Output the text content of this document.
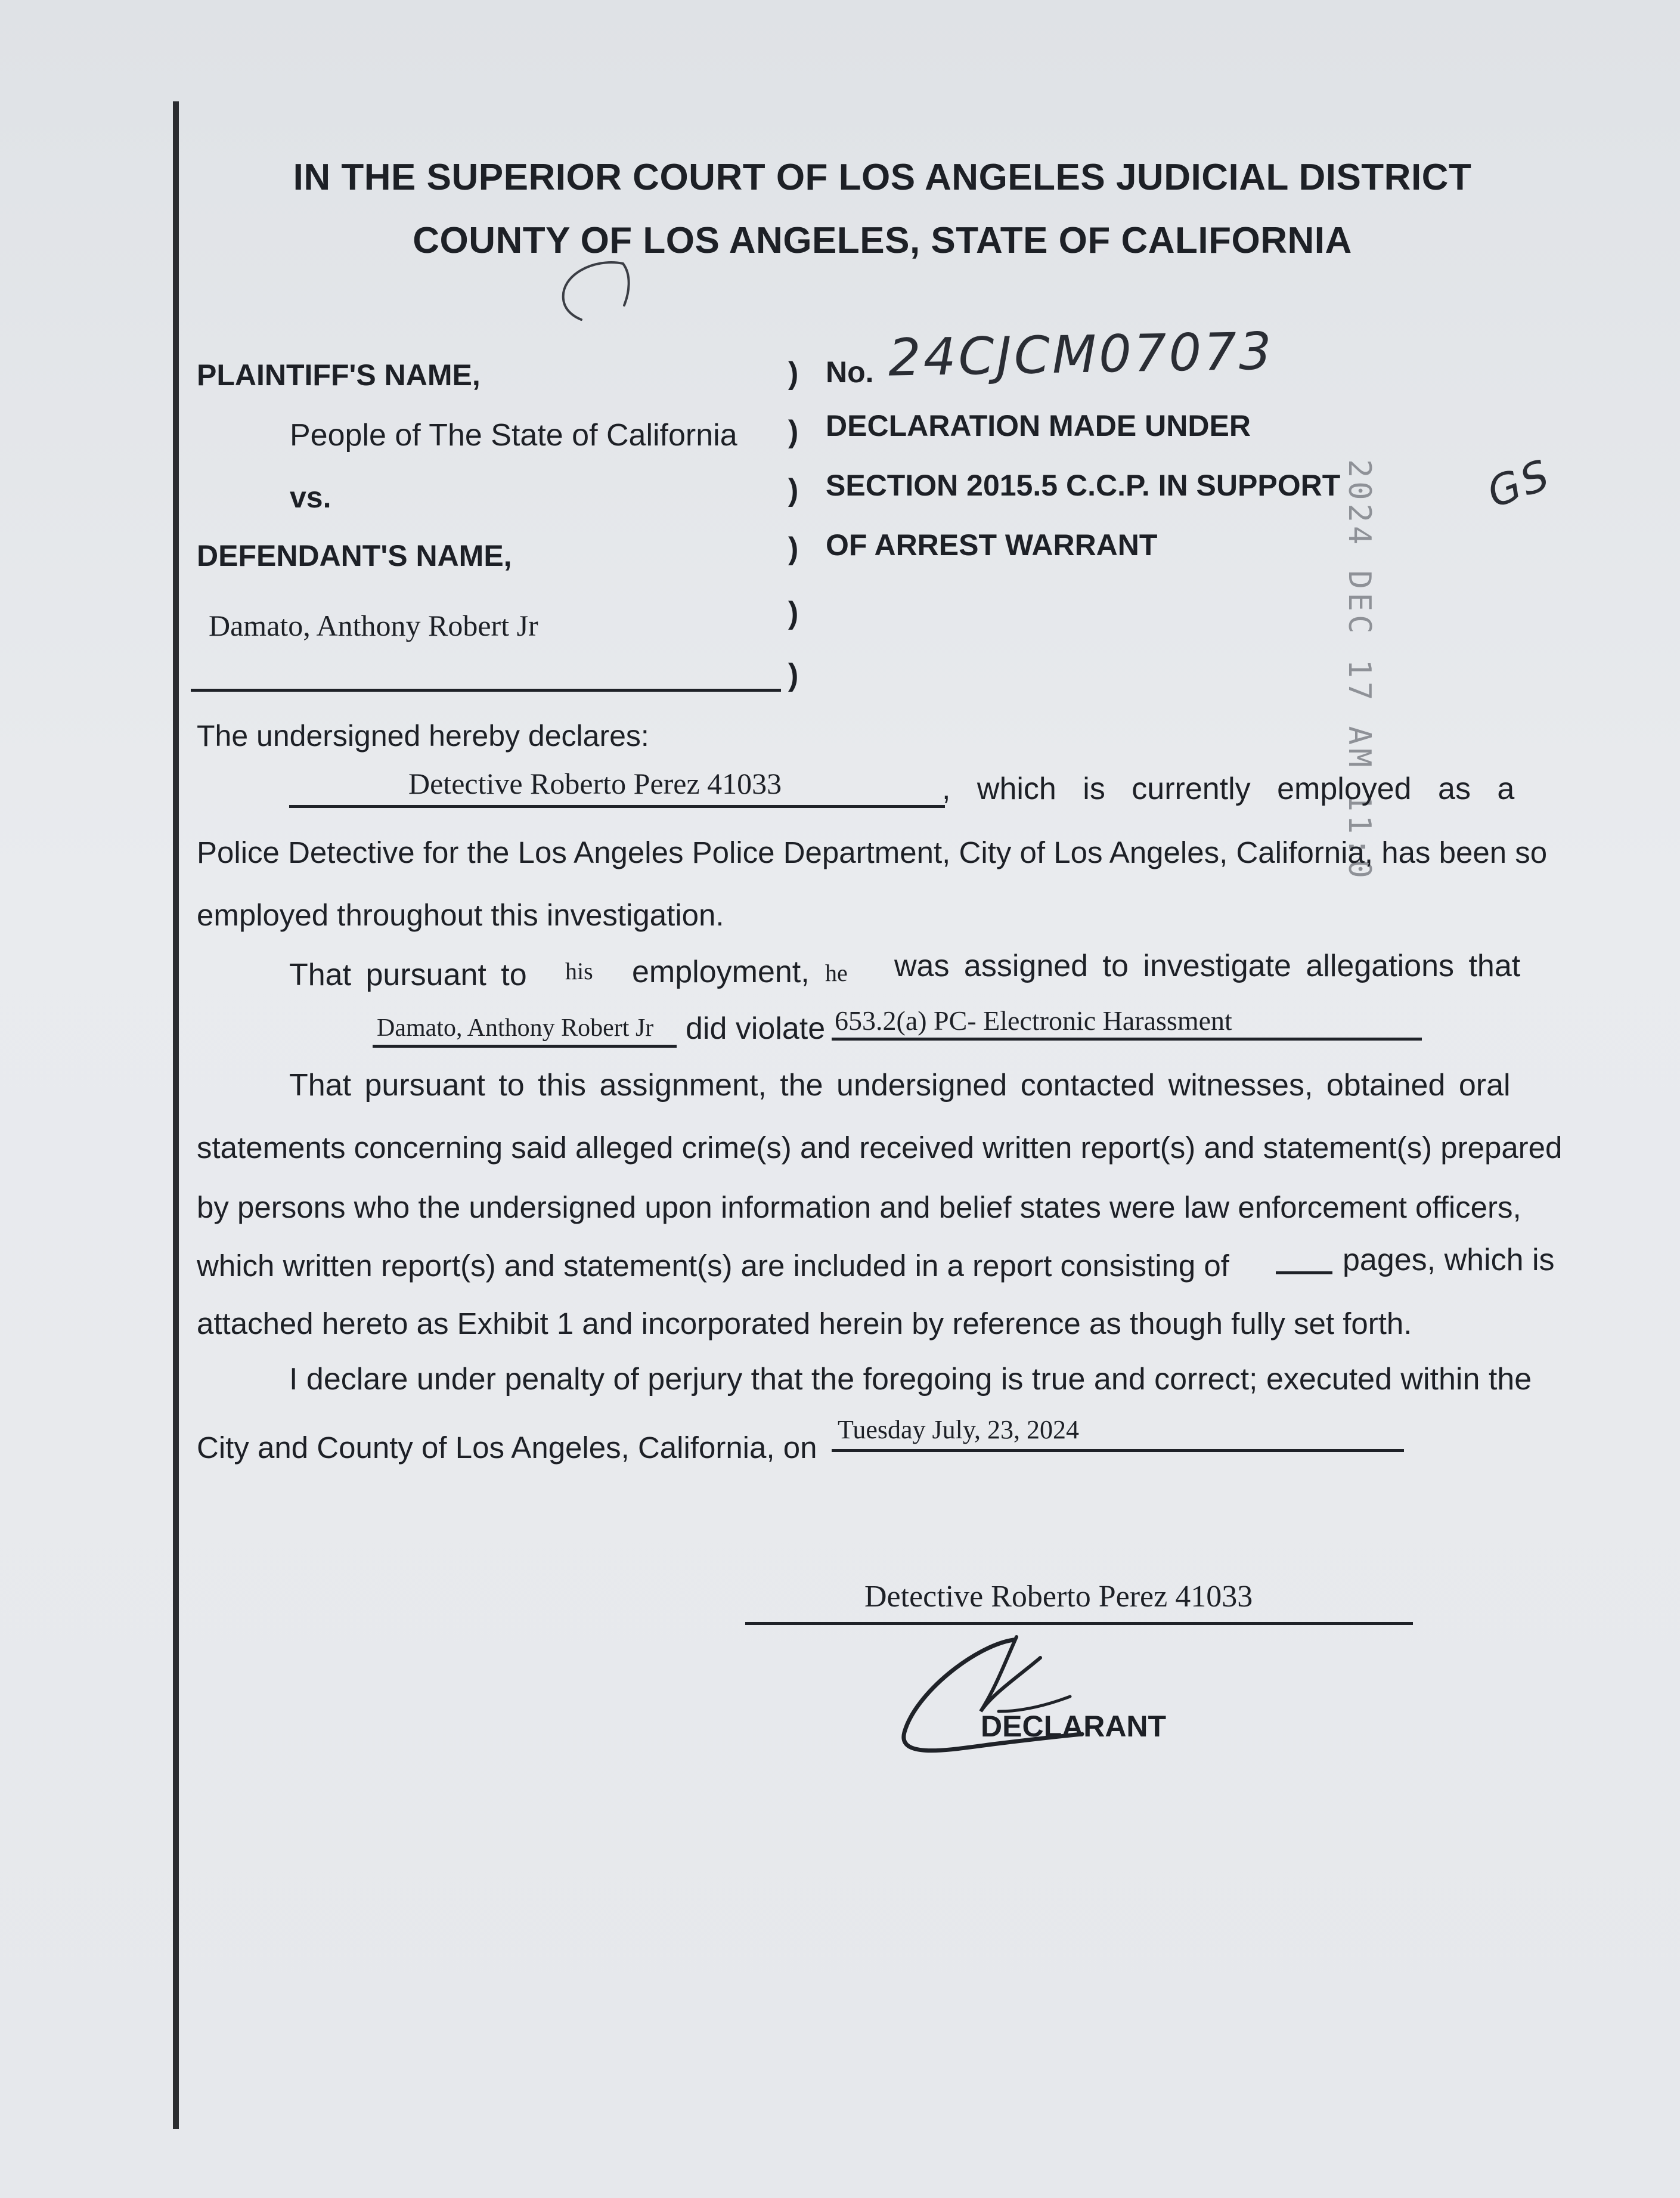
IN THE SUPERIOR COURT OF LOS ANGELES JUDICIAL DISTRICT
COUNTY OF LOS ANGELES, STATE OF CALIFORNIA
PLAINTIFF'S NAME,
People of The State of California
vs.
DEFENDANT'S NAME,
Damato, Anthony Robert Jr
)
)
)
)
)
)
No. 24CJCM07073
DECLARATION MADE UNDER
SECTION 2015.5 C.C.P. IN SUPPORT
OF ARREST WARRANT	2024 DEC 17 AM 11:0 GS
The undersigned hereby declares:
Detective Roberto Perez 41033	, which is currently employed as a
Police Detective for the Los Angeles Police Department, City of Los Angeles, California, has been so
employed throughout this investigation.
That pursuant to his employment, he was assigned to investigate allegations that
Damato, Anthony Robert Jr did violate 653.2(a) PC- Electronic Harassment
That pursuant to this assignment, the undersigned contacted witnesses, obtained oral
statements concerning said alleged crime(s) and received written report(s) and statement(s) prepared
by persons who the undersigned upon information and belief states were law enforcement officers,
which written report(s) and statement(s) are included in a report consisting of	pages, which is
attached hereto as Exhibit 1 and incorporated herein by reference as though fully set forth.
I declare under penalty of perjury that the foregoing is true and correct; executed within the
City and County of Los Angeles, California, on
Tuesday July, 23, 2024
Detective Roberto Perez 41033
DECLARANT
